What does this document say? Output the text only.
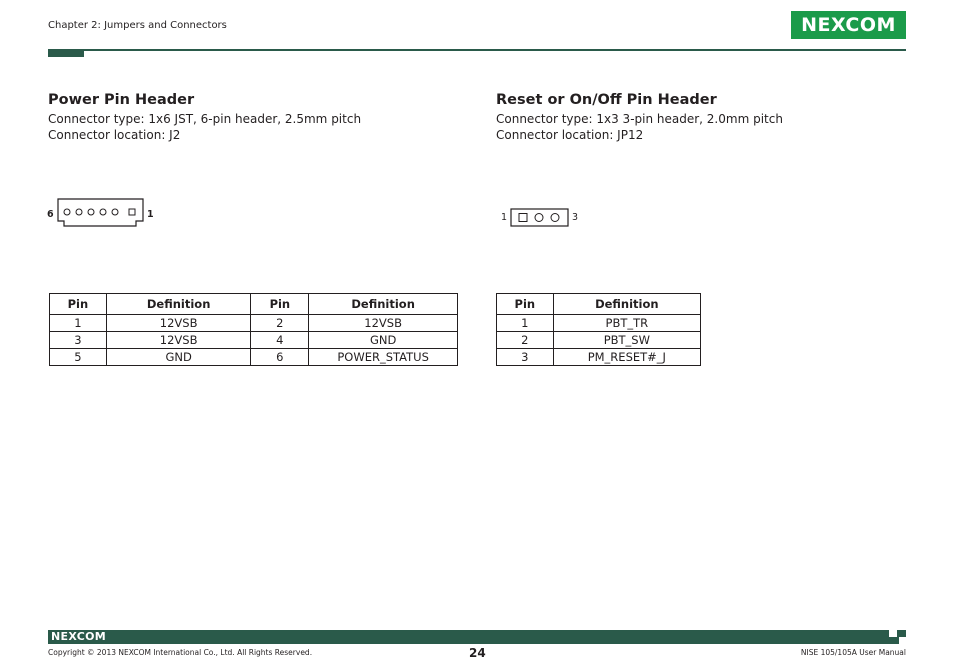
Chapter 2: Jumpers and Connectors	NEXCOM
Power Pin Header
Connector type: 1x6 JST, 6-pin header, 2.5mm pitch
Connector location: J2
6	1
Pin	Definition	Pin	Definition
1	12VSB	2	12VSB
3	12VSB	4	GND
5	GND	6	POWER_STATUS
Reset or On/Off Pin Header
Connector type: 1x3 3-pin header, 2.0mm pitch
Connector location: JP12
1	3
Pin	Definition
1	PBT_TR
2	PBT_SW
3	PM_RESET#_J
NEXCOM
Copyright © 2013 NEXCOM International Co., Ltd. All Rights Reserved.	24	NISE 105/105A User Manual
